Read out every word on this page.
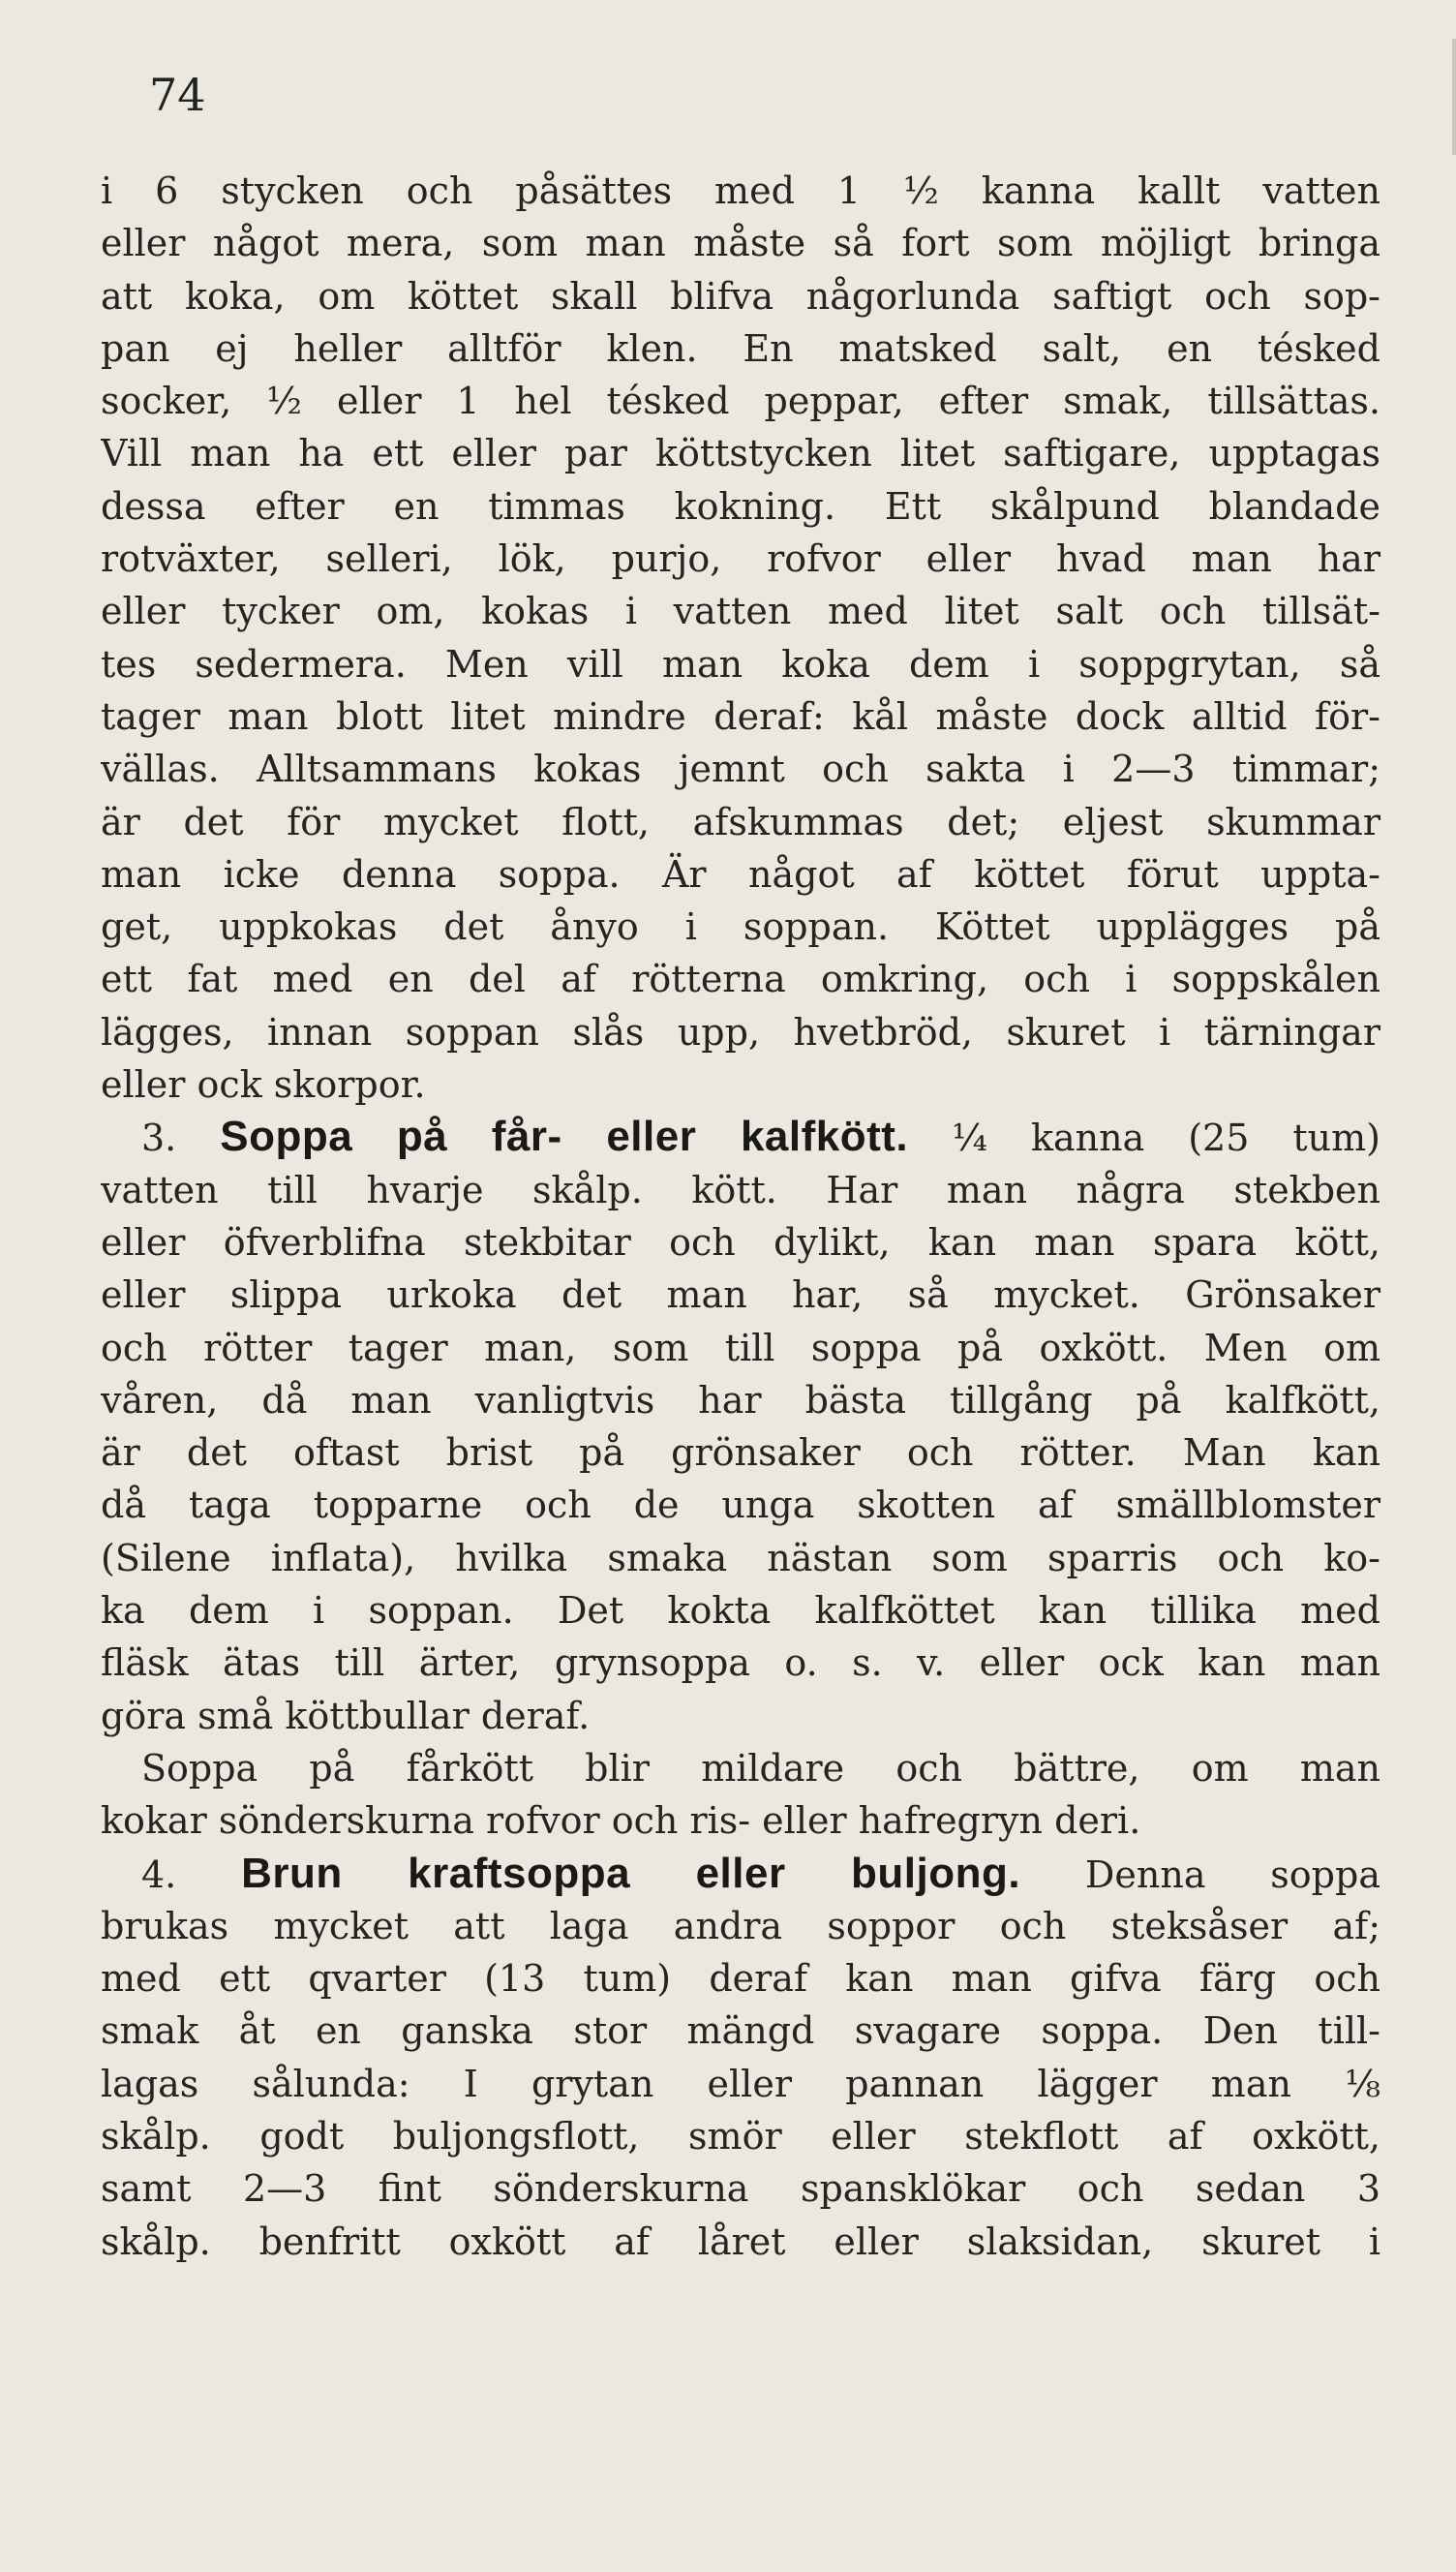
74
i 6 stycken och påsättes med 1 ½ kanna kallt vatten
eller något mera, som man måste så fort som möjligt bringa
att koka, om köttet skall blifva någorlunda saftigt och sop-
pan ej heller alltför klen. En matsked salt, en tésked
socker, ½ eller 1 hel tésked peppar, efter smak, tillsättas.
Vill man ha ett eller par köttstycken litet saftigare, upptagas
dessa efter en timmas kokning. Ett skålpund blandade
rotväxter, selleri, lök, purjo, rofvor eller hvad man har
eller tycker om, kokas i vatten med litet salt och tillsät-
tes sedermera. Men vill man koka dem i soppgrytan, så
tager man blott litet mindre deraf: kål måste dock alltid för-
vällas. Alltsammans kokas jemnt och sakta i 2—3 timmar;
är det för mycket flott, afskummas det; eljest skummar
man icke denna soppa. Är något af köttet förut uppta-
get, uppkokas det ånyo i soppan. Köttet uppläggеs på
ett fat med en del af rötterna omkring, och i soppskålen
lägges, innan soppan slås upp, hvetbröd, skuret i tärningar
eller ock skorpor.
3. Soppa på får- eller kalfkött. ¼ kanna (25 tum)
vatten till hvarje skålp. kött. Har man några stekben
eller öfverblifna stekbitar och dylikt, kan man spara kött,
eller slippa urkoka det man har, så mycket. Grönsaker
och rötter tager man, som till soppa på oxkött. Men om
våren, då man vanligtvis har bästa tillgång på kalfkött,
är det oftast brist på grönsaker och rötter. Man kan
då taga topparne och de unga skotten af smällblomster
(Silene inflata), hvilka smaka nästan som sparris och ko-
ka dem i soppan. Det kokta kalfköttet kan tillika med
fläsk ätas till ärter, grynsoppa o. s. v. eller ock kan man
göra små köttbullar deraf.
Soppa på fårkött blir mildare och bättre, om man
kokar sönderskurna rofvor och ris- eller hafregryn deri.
4. Brun kraftsoppa eller buljong. Denna soppa
brukas mycket att laga andra soppor och steksåser af;
med ett qvarter (13 tum) deraf kan man gifva färg och
smak åt en ganska stor mängd svagare soppa. Den till-
lagas sålunda: I grytan eller pannan lägger man ⅛
skålp. godt buljongsflott, smör eller stekflott af oxkött,
samt 2—3 fint sönderskurna spansklökar och sedan 3
skålp. benfritt oxkött af låret eller slaksidan, skuret i
